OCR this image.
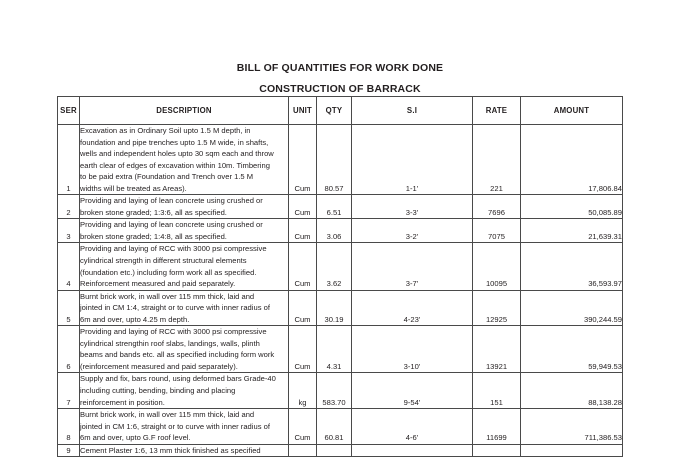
BILL OF QUANTITIES FOR WORK DONE
CONSTRUCTION OF BARRACK
SER	DESCRIPTION	UNIT	QTY	S.I	RATE	AMOUNT
1	
Excavation as in Ordinary Soil upto 1.5 M depth, in
foundation and pipe trenches upto 1.5 M wide, in shafts,
wells and independent holes upto 30 sqm each and throw
earth clear of edges of excavation within 10m. Timbering
to be paid extra (Foundation and Trench over 1.5 M
widths will be treated as Areas).	Cum	80.57	1-1'	221	17,806.84
2	Providing and laying of lean concrete using crushed or
broken stone graded; 1:3:6, all as specified.	Cum	6.51	3-3'	7696	50,085.89
3	Providing and laying of lean concrete using crushed or
broken stone graded; 1:4:8, all as specified.	Cum	3.06	3-2'	7075	21,639.31
4	Providing and laying of RCC with 3000 psi compressive
cylindrical strength in different structural elements
(foundation etc.) including form work all as specified.
Reinforcement measured and paid separately.	Cum	3.62	3-7'	10095	36,593.97
5	Burnt brick work, in wall over 115 mm thick, laid and
jointed in CM 1:4, straight or to curve with inner radius of
6m and over, upto 4.25 m depth.	Cum	30.19	4-23'	12925	390,244.59
6	Providing and laying of RCC with 3000 psi compressive
cylindrical strengthin roof slabs, landings, walls, plinth
beams and bands etc. all as specified including form work
(reinforcement measured and paid separately).	Cum	4.31	3-10'	13921	59,949.53
7	Supply and fix, bars round, using deformed bars Grade-40
including cutting, bending, binding and placing
reinforcement in position.	kg	583.70	9-54'	151	88,138.28
8	Burnt brick work, in wall over 115 mm thick, laid and
jointed in CM 1:6, straight or to curve with inner radius of
6m and over, upto G.F roof level.	Cum	60.81	4-6'	11699	711,386.53
9	Cement Plaster 1:6, 13 mm thick finished as specified					
